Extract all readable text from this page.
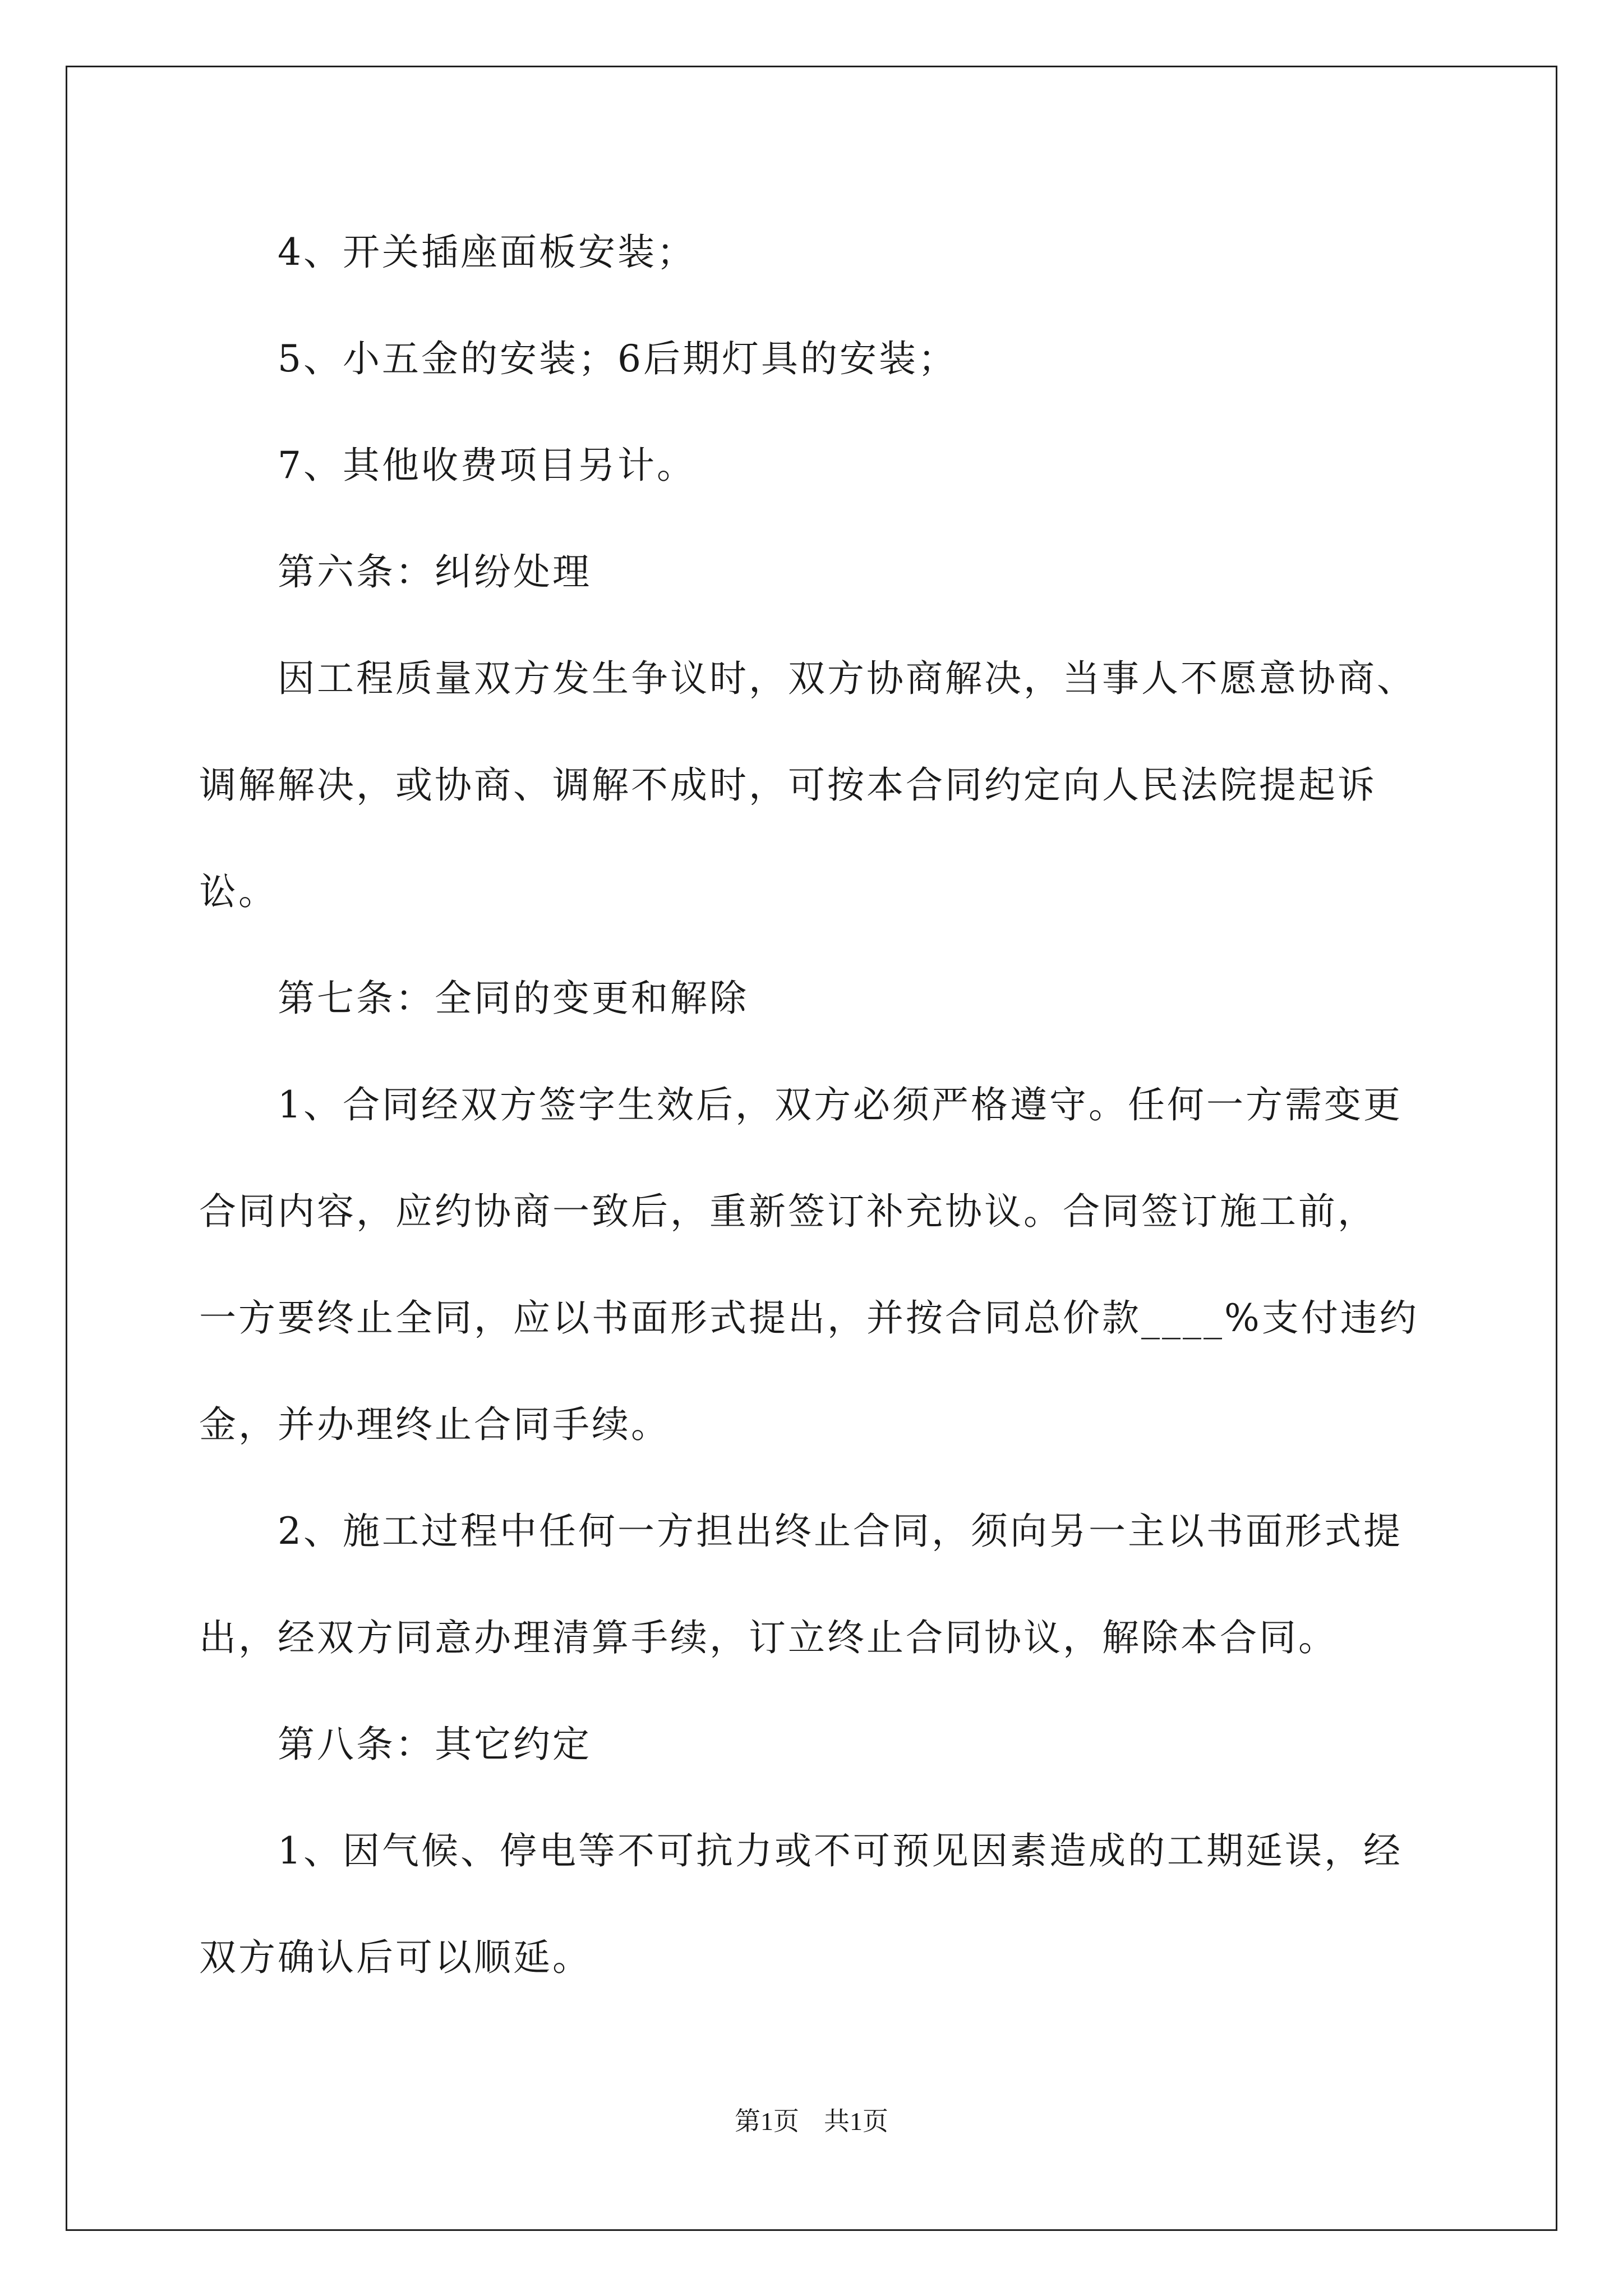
4、开关插座面板安装；
5、小五金的安装；6后期灯具的安装；
7、其他收费项目另计。
第六条：纠纷处理
因工程质量双方发生争议时，双方协商解决，当事人不愿意协商、
调解解决，或协商、调解不成时，可按本合同约定向人民法院提起诉
讼。
第七条：全同的变更和解除
1、合同经双方签字生效后，双方必须严格遵守。任何一方需变更
合同内容，应约协商一致后，重新签订补充协议。合同签订施工前，
一方要终止全同，应以书面形式提出，并按合同总价款____%支付违约
金，并办理终止合同手续。
2、施工过程中任何一方担出终止合同，须向另一主以书面形式提
出，经双方同意办理清算手续，订立终止合同协议，解除本合同。
第八条：其它约定
1、因气候、停电等不可抗力或不可预见因素造成的工期延误，经
双方确认后可以顺延。
第1页 共1页
